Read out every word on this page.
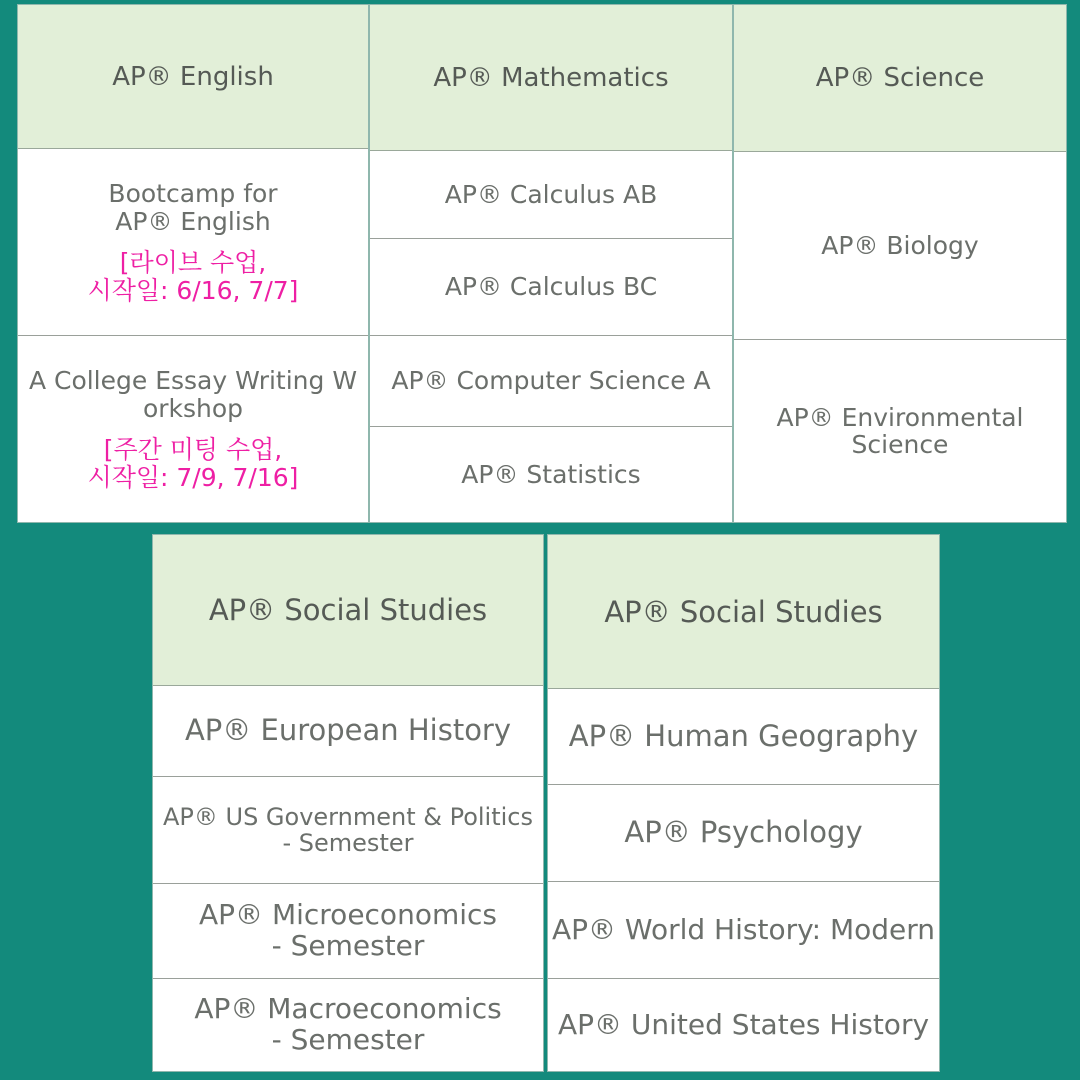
AP® English
Bootcamp for
AP® English
[라이브 수업,
시작일: 6/16, 7/7]
A College Essay Writing W
orkshop
[주간 미팅 수업,
시작일: 7/9, 7/16]
AP® Mathematics
AP® Calculus AB
AP® Calculus BC
AP® Computer Science A
AP® Statistics
AP® Science
AP® Biology
AP® Environmental
Science
AP® Social Studies
AP® European History
AP® US Government & Politics
- Semester
AP® Microeconomics
- Semester
AP® Macroeconomics
- Semester
AP® Social Studies
AP® Human Geography
AP® Psychology
AP® World History: Modern
AP® United States History
